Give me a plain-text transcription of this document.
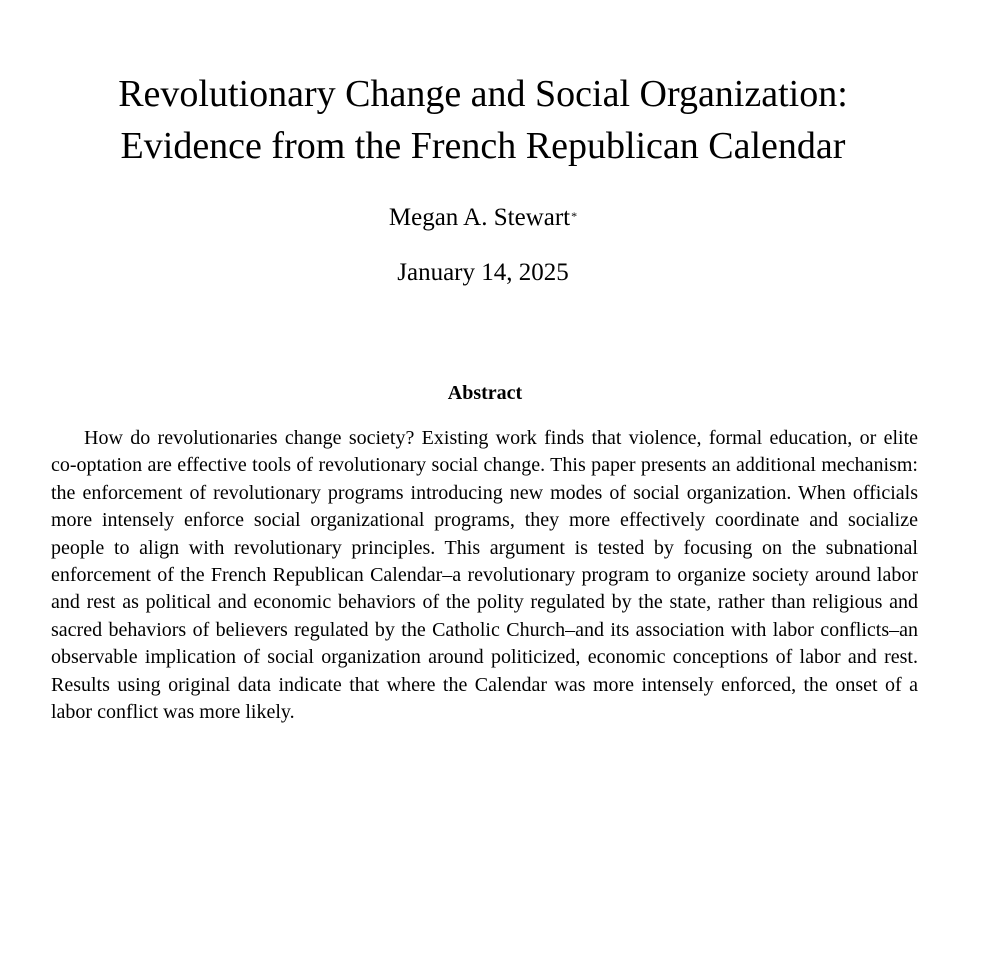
Revolutionary Change and Social Organization:
Evidence from the French Republican Calendar
Megan A. Stewart*
January 14, 2025
Abstract

How do revolutionaries change society? Existing work finds that violence, formal education, or elite co-optation are effective tools of revolutionary social change. This paper presents an additional mechanism: the enforcement of revolutionary programs introducing new modes of social organization. When officials more intensely enforce social organizational programs, they more effectively coordinate and socialize people to align with revolutionary principles. This argument is tested by focusing on the subnational enforcement of the French Republican Calendar–a revolutionary program to organize society around labor and rest as political and economic behaviors of the polity regulated by the state, rather than religious and sacred behaviors of believers regulated by the Catholic Church–and its association with labor conflicts–an observable implication of social organization around politicized, economic conceptions of labor and rest. Results using original data indicate that where the Calendar was more intensely enforced, the onset of a labor conflict was more likely.
